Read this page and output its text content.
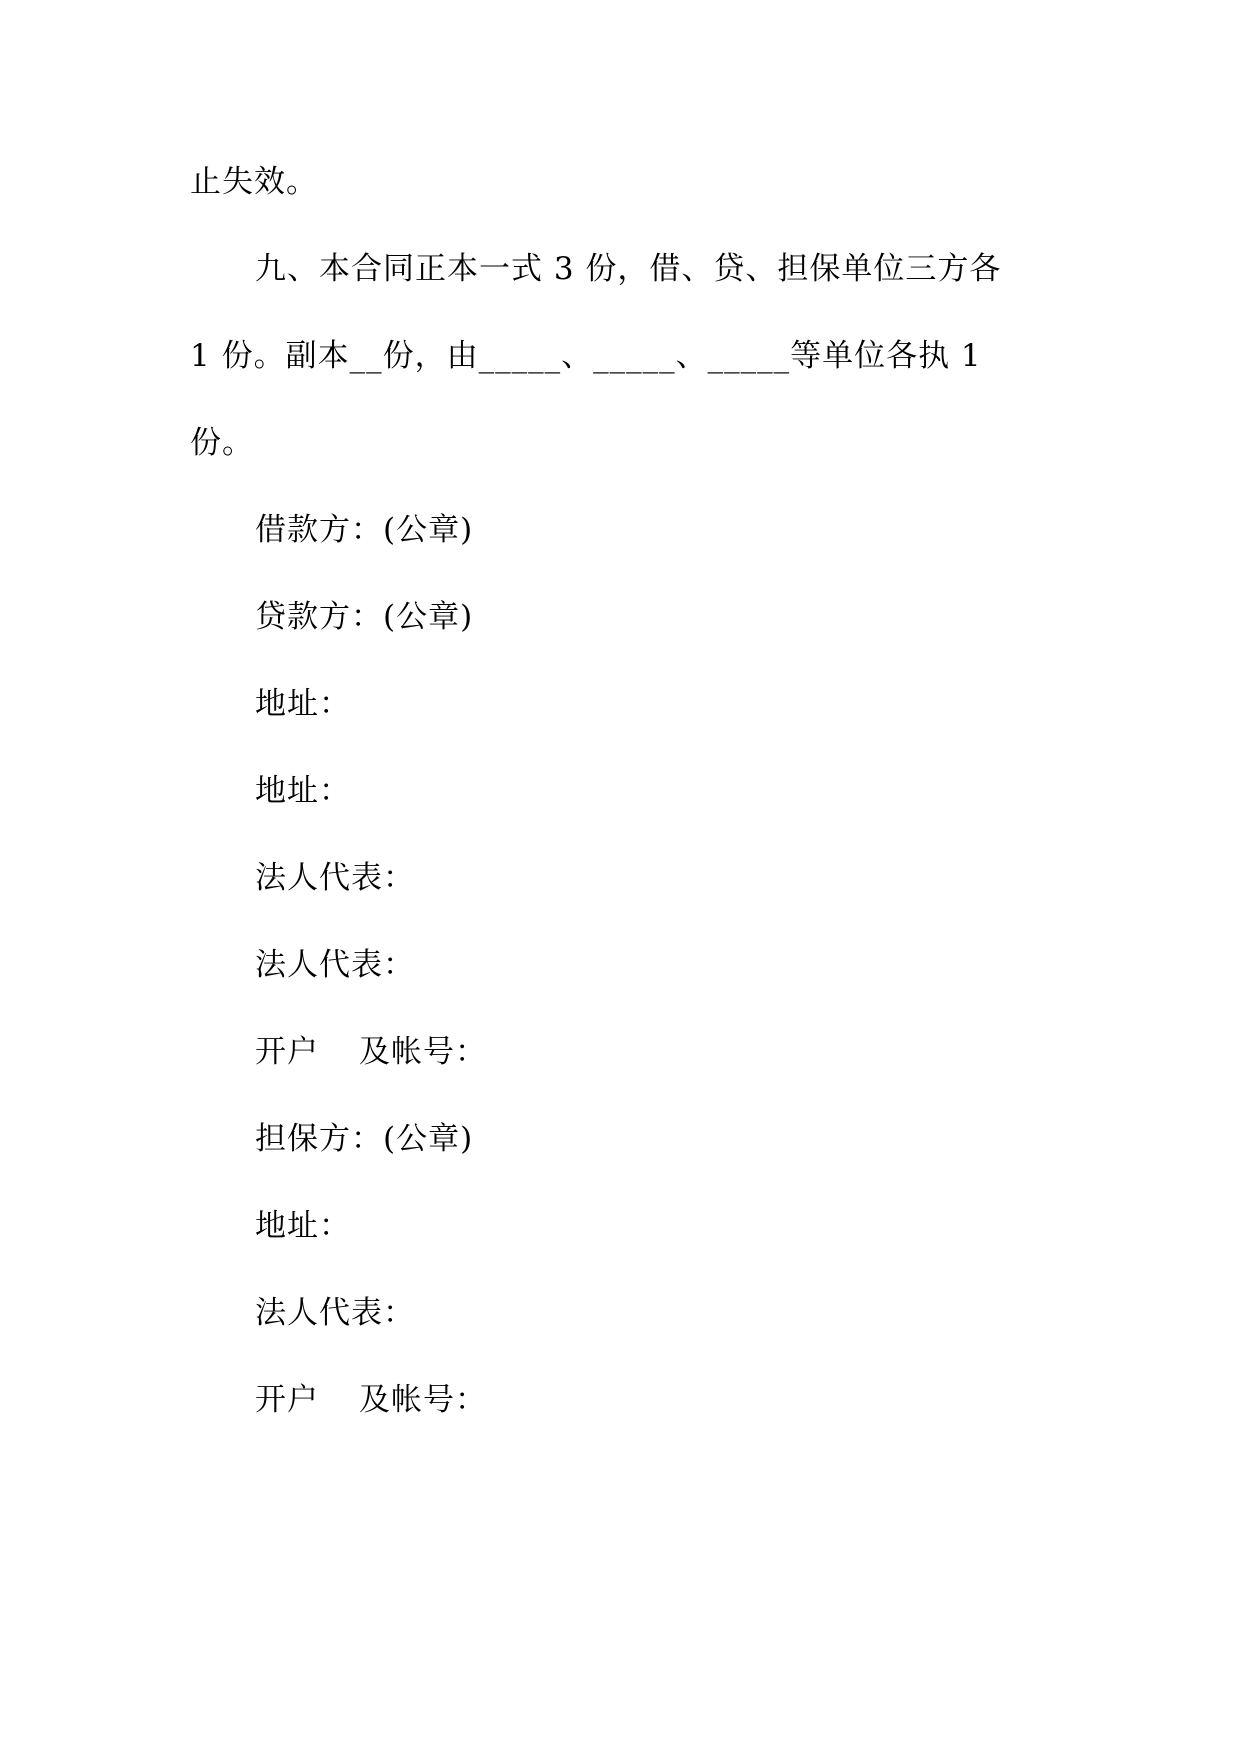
止失效。
九、本合同正本一式 3 份，借、贷、担保单位三方各
1 份。副本__份，由_____、_____、_____等单位各执 1
份。
借款方：(公章)
贷款方：(公章)
地址：
地址：
法人代表：
法人代表：
开户 及帐号：
担保方：(公章)
地址：
法人代表：
开户 及帐号：
